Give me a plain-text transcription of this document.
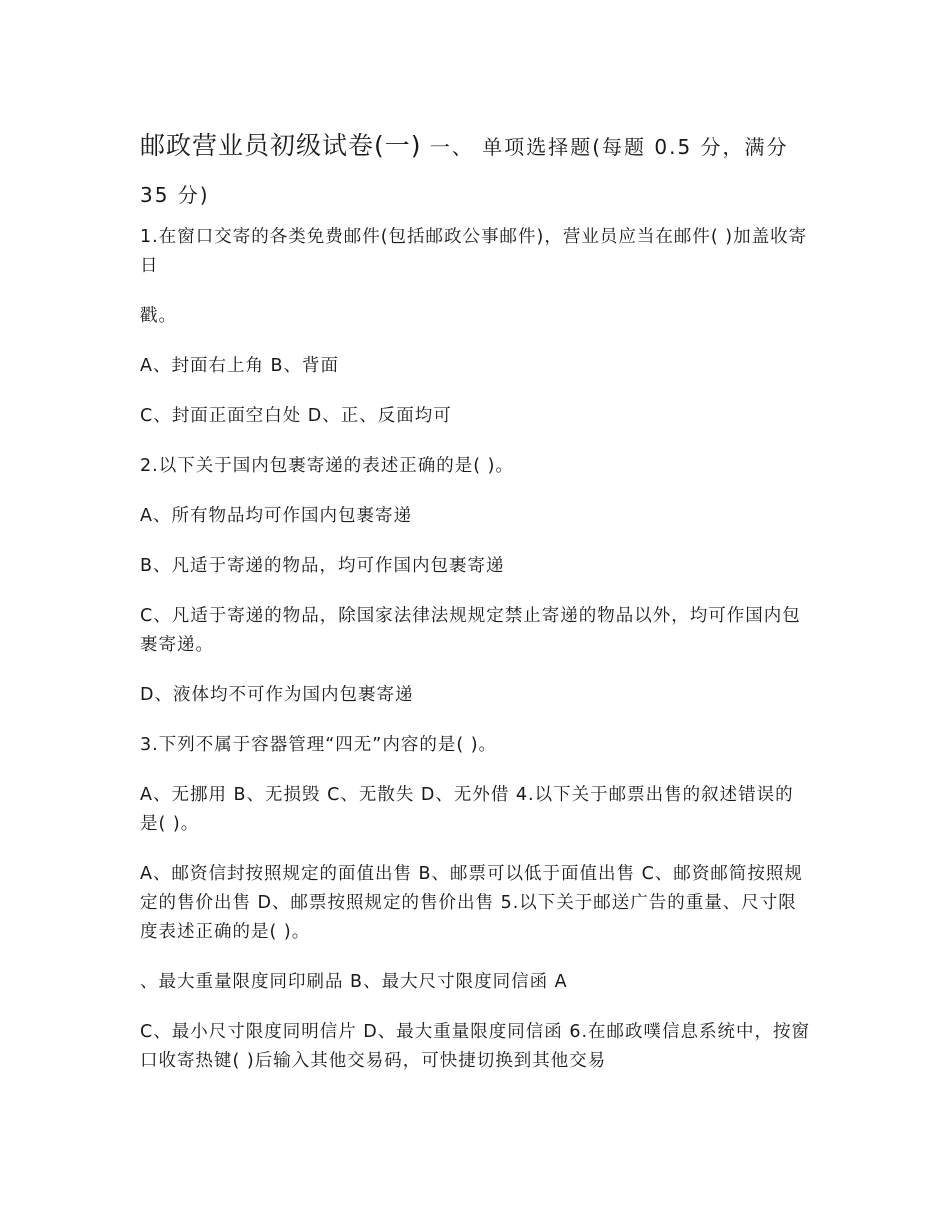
邮政营业员初级试卷(一) 一、 单项选择题(每题 0.5 分，满分 35 分)

1.在窗口交寄的各类免费邮件(包括邮政公事邮件)，营业员应当在邮件( )加盖收寄日

戳。

A、封面右上角 B、背面

C、封面正面空白处 D、正、反面均可

2.以下关于国内包裹寄递的表述正确的是( )。

A、所有物品均可作国内包裹寄递

B、凡适于寄递的物品，均可作国内包裹寄递

C、凡适于寄递的物品，除国家法律法规规定禁止寄递的物品以外，均可作国内包裹寄递。

D、液体均不可作为国内包裹寄递

3.下列不属于容器管理“四无”内容的是( )。

A、无挪用 B、无损毁 C、无散失 D、无外借 4.以下关于邮票出售的叙述错误的是( )。

A、邮资信封按照规定的面值出售 B、邮票可以低于面值出售 C、邮资邮简按照规定的售价出售 D、邮票按照规定的售价出售 5.以下关于邮送广告的重量、尺寸限度表述正确的是( )。

、最大重量限度同印刷品 B、最大尺寸限度同信函 A

C、最小尺寸限度同明信片 D、最大重量限度同信函 6.在邮政噗信息系统中，按窗口收寄热键( )后输入其他交易码，可快捷切换到其他交易
